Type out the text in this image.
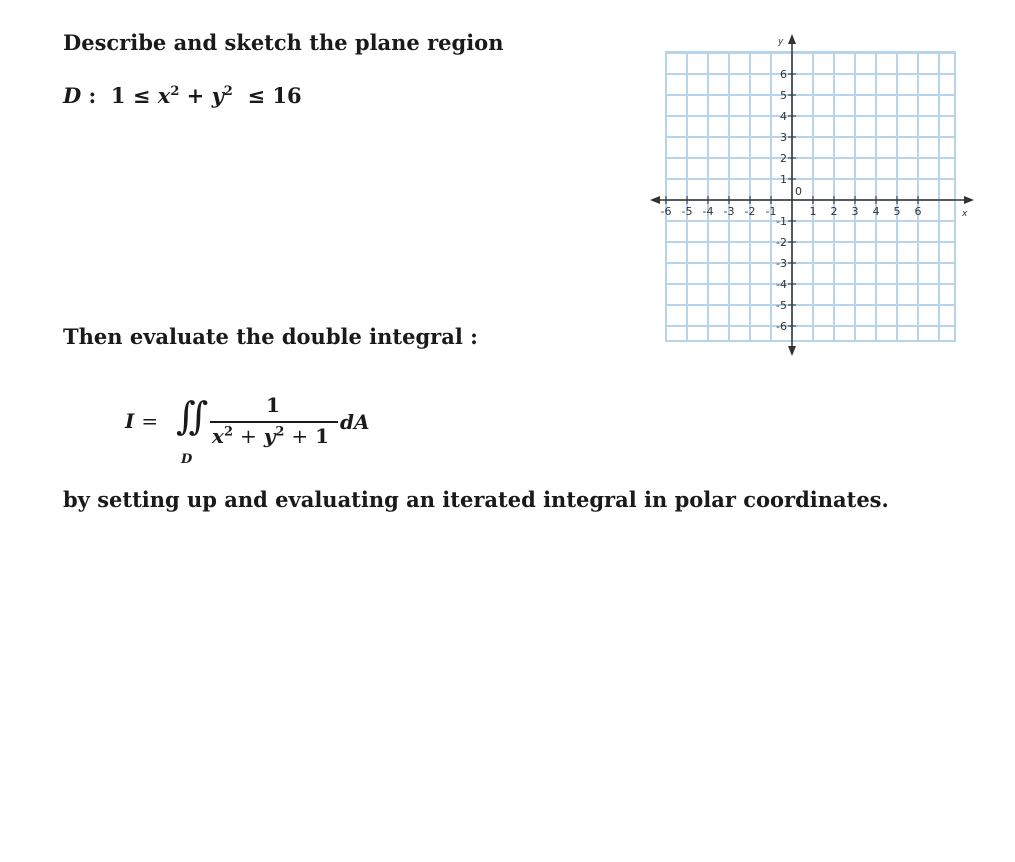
Describe and sketch the plane region
D : $1 \le x^2 + y^2 \le 16$
Then evaluate the double integral :
I = ∬
D
1
$x^2 + y^2 + 1$
dA
by setting up and evaluating an iterated integral in polar coordinates.
-6 -5 -4 -3 -2 -1	1 2 3 4 5 6
6
5
4
3
2
1
-1
-2
-3
-4
-5
-6
0
x
y
